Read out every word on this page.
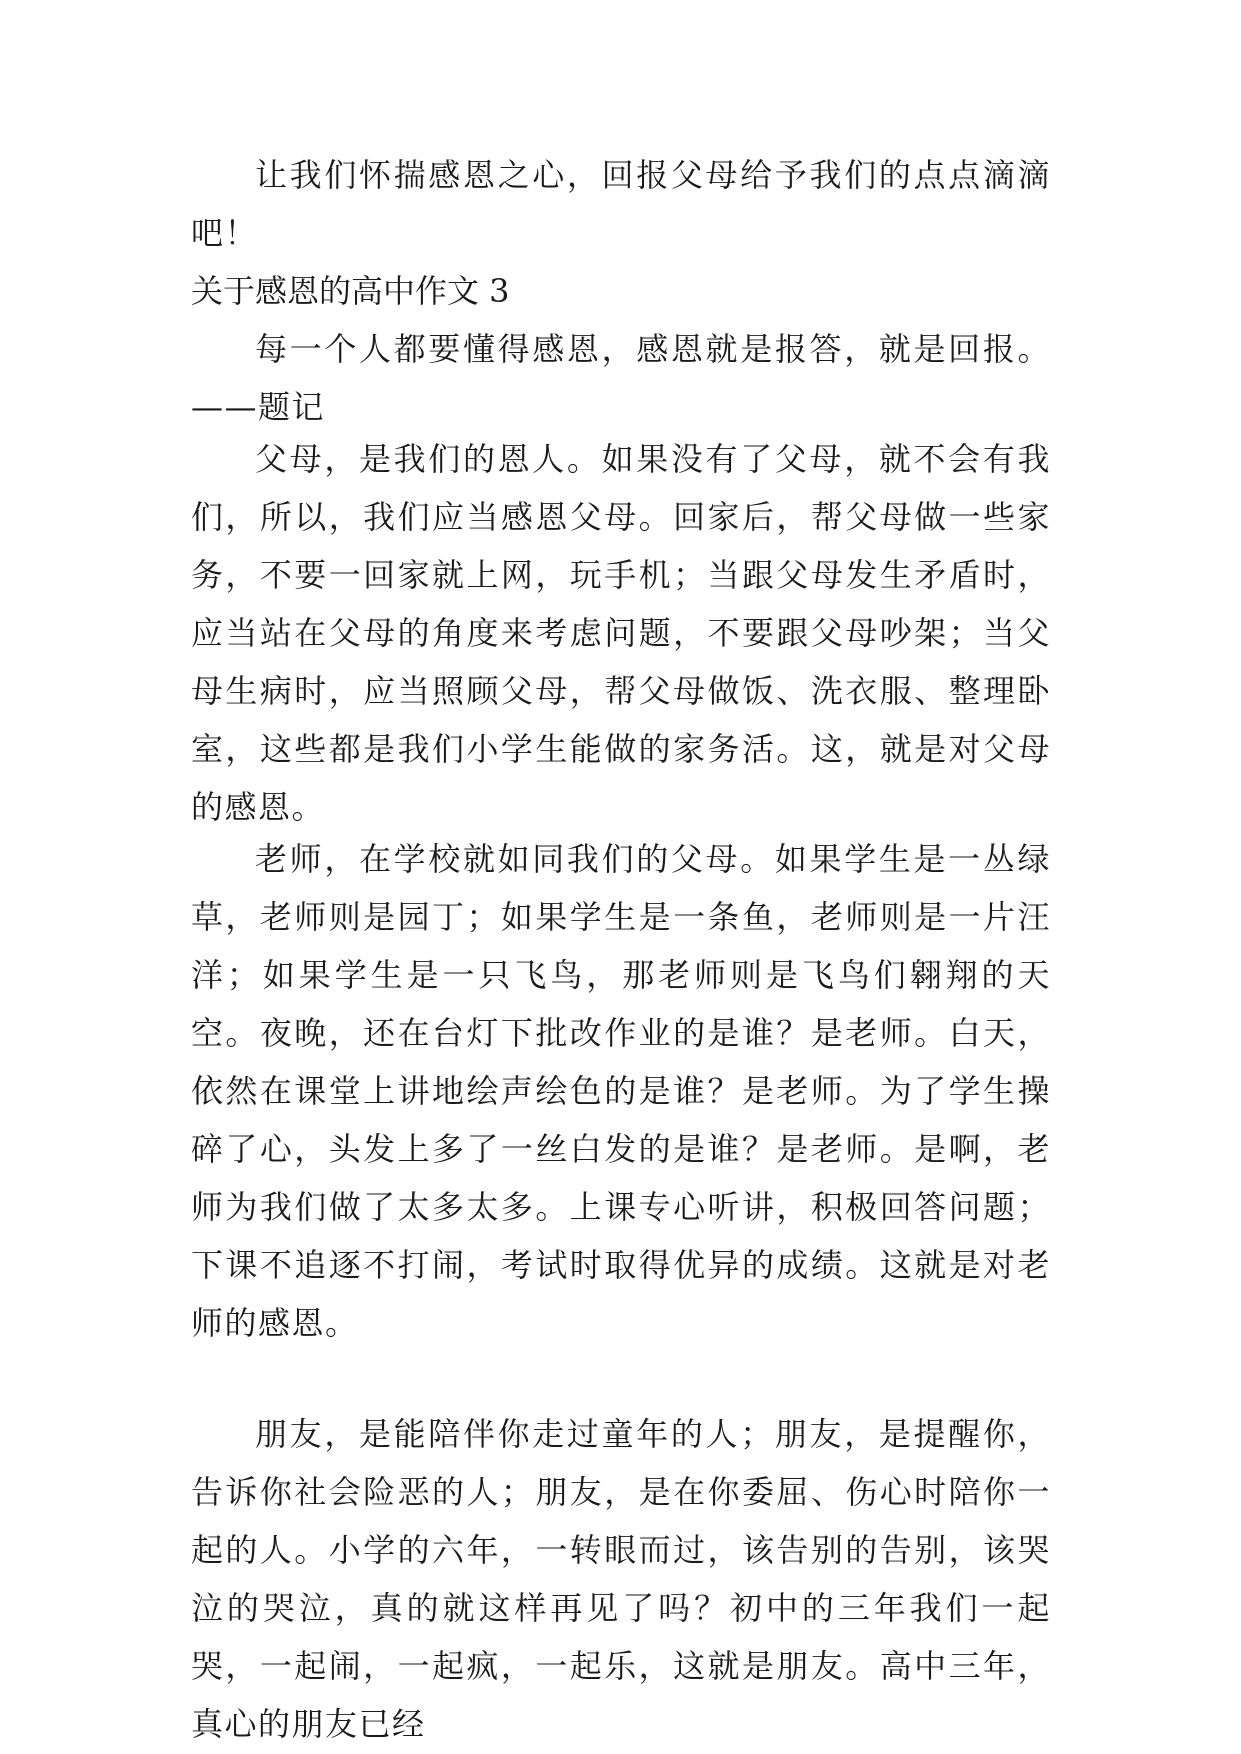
让我们怀揣感恩之心，回报父母给予我们的点点滴滴吧！

关于感恩的高中作文 3

每一个人都要懂得感恩，感恩就是报答，就是回报。——题记

父母，是我们的恩人。如果没有了父母，就不会有我们，所以，我们应当感恩父母。回家后，帮父母做一些家务，不要一回家就上网，玩手机；当跟父母发生矛盾时，应当站在父母的角度来考虑问题，不要跟父母吵架；当父母生病时，应当照顾父母，帮父母做饭、洗衣服、整理卧室，这些都是我们小学生能做的家务活。这，就是对父母的感恩。

老师，在学校就如同我们的父母。如果学生是一丛绿草，老师则是园丁；如果学生是一条鱼，老师则是一片汪洋；如果学生是一只飞鸟，那老师则是飞鸟们翱翔的天空。夜晚，还在台灯下批改作业的是谁？是老师。白天，依然在课堂上讲地绘声绘色的是谁？是老师。为了学生操碎了心，头发上多了一丝白发的是谁？是老师。是啊，老师为我们做了太多太多。上课专心听讲，积极回答问题；下课不追逐不打闹，考试时取得优异的成绩。这就是对老师的感恩。

朋友，是能陪伴你走过童年的人；朋友，是提醒你，告诉你社会险恶的人；朋友，是在你委屈、伤心时陪你一起的人。小学的六年，一转眼而过，该告别的告别，该哭泣的哭泣，真的就这样再见了吗？初中的三年我们一起哭，一起闹，一起疯，一起乐，这就是朋友。高中三年，真心的朋友已经
